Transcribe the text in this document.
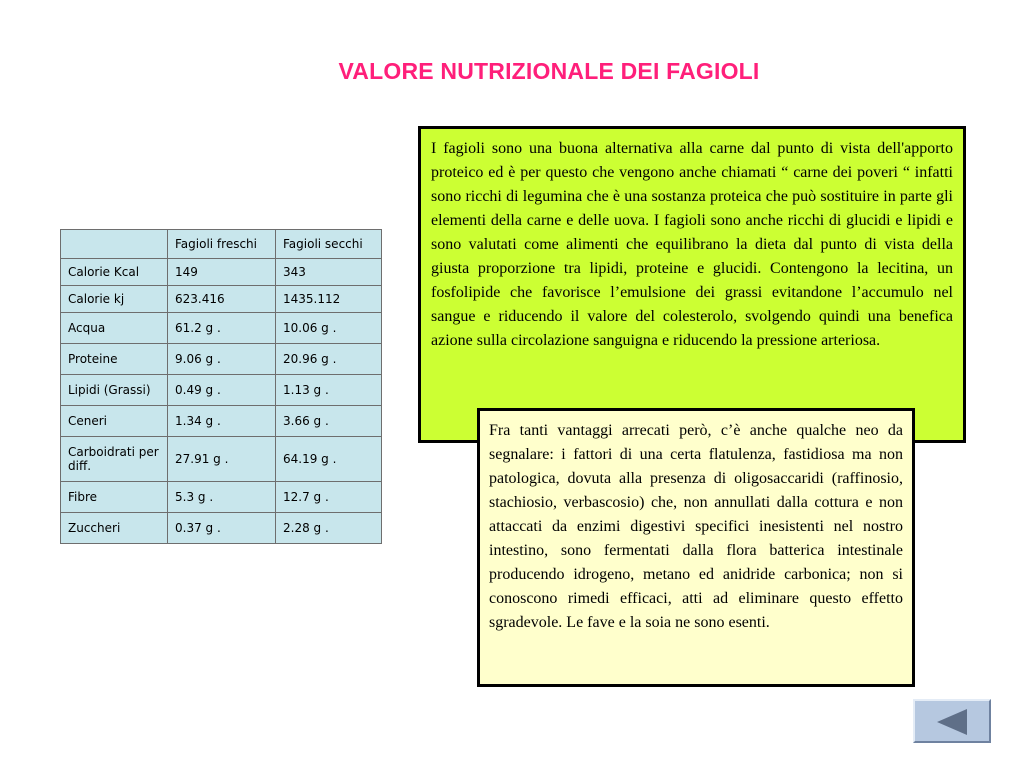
VALORE NUTRIZIONALE DEI FAGIOLI
	Fagioli freschi	Fagioli secchi
Calorie Kcal	149	343
Calorie kj	623.416	1435.112
Acqua	61.2 g .	10.06 g .
Proteine	9.06 g .	20.96 g .
Lipidi (Grassi)	0.49 g .	1.13 g .
Ceneri	1.34 g .	3.66 g .
Carboidrati per diff.	27.91 g .	64.19 g .
Fibre	5.3 g .	12.7 g .
Zuccheri	0.37 g .	2.28 g .

I fagioli sono una buona alternativa alla carne dal punto di vista dell'apporto proteico ed è per questo che vengono anche chiamati “ carne dei poveri “ infatti sono ricchi di legumina che è una sostanza proteica che può sostituire in parte gli elementi della carne e delle uova. I fagioli sono anche ricchi di glucidi e lipidi e sono valutati come alimenti che equilibrano la dieta dal punto di vista della giusta proporzione tra lipidi, proteine e glucidi. Contengono la lecitina, un fosfolipide che favorisce l’emulsione dei grassi evitandone l’accumulo nel sangue e riducendo il valore del colesterolo, svolgendo quindi una benefica azione sulla circolazione sanguigna e riducendo la pressione arteriosa.

Fra tanti vantaggi arrecati però, c’è anche qualche neo da segnalare: i fattori di una certa flatulenza, fastidiosa ma non patologica, dovuta alla presenza di oligosaccaridi (raffinosio, stachiosio, verbascosio) che, non annullati dalla cottura e non attaccati da enzimi digestivi specifici inesistenti nel nostro intestino, sono fermentati dalla flora batterica intestinale producendo idrogeno, metano ed anidride carbonica; non si conoscono rimedi efficaci, atti ad eliminare questo effetto sgradevole. Le fave e la soia ne sono esenti.
